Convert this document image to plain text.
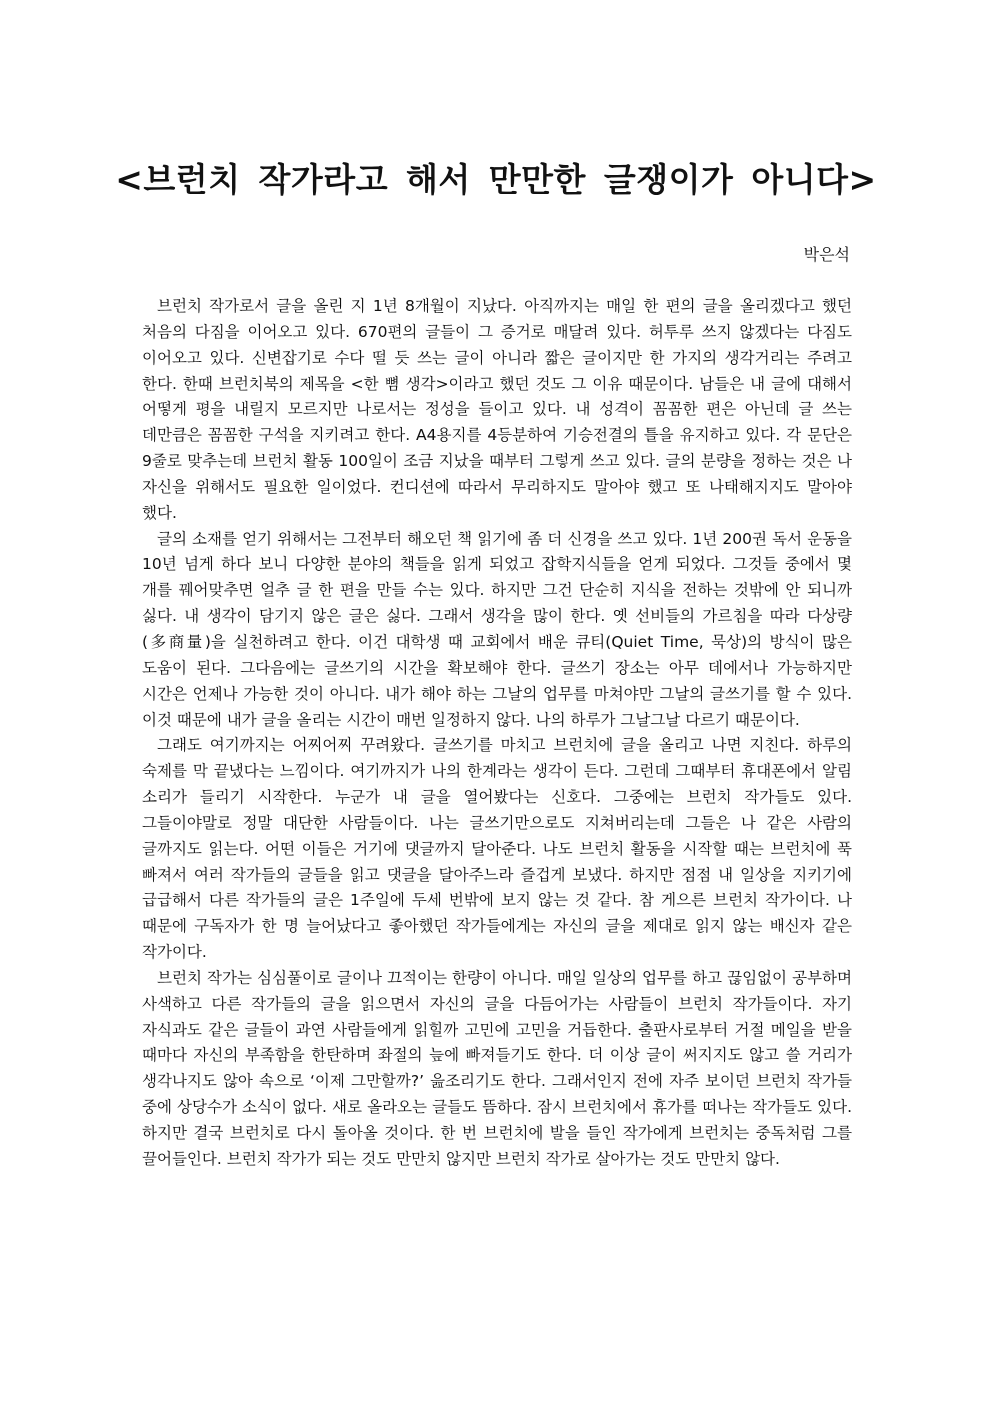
<브런치 작가라고 해서 만만한 글쟁이가 아니다>
박은석

브런치 작가로서 글을 올린 지 1년 8개월이 지났다. 아직까지는 매일 한 편의 글을 올리겠다고 했던 처음의 다짐을 이어오고 있다. 670편의 글들이 그 증거로 매달려 있다. 허투루 쓰지 않겠다는 다짐도 이어오고 있다. 신변잡기로 수다 떨 듯 쓰는 글이 아니라 짧은 글이지만 한 가지의 생각거리는 주려고 한다. 한때 브런치북의 제목을 <한 뼘 생각>이라고 했던 것도 그 이유 때문이다. 남들은 내 글에 대해서 어떻게 평을 내릴지 모르지만 나로서는 정성을 들이고 있다. 내 성격이 꼼꼼한 편은 아닌데 글 쓰는 데만큼은 꼼꼼한 구석을 지키려고 한다. A4용지를 4등분하여 기승전결의 틀을 유지하고 있다. 각 문단은 9줄로 맞추는데 브런치 활동 100일이 조금 지났을 때부터 그렇게 쓰고 있다. 글의 분량을 정하는 것은 나 자신을 위해서도 필요한 일이었다. 컨디션에 따라서 무리하지도 말아야 했고 또 나태해지지도 말아야 했다.

글의 소재를 얻기 위해서는 그전부터 해오던 책 읽기에 좀 더 신경을 쓰고 있다. 1년 200권 독서 운동을 10년 넘게 하다 보니 다양한 분야의 책들을 읽게 되었고 잡학지식들을 얻게 되었다. 그것들 중에서 몇 개를 꿰어맞추면 얼추 글 한 편을 만들 수는 있다. 하지만 그건 단순히 지식을 전하는 것밖에 안 되니까 싫다. 내 생각이 담기지 않은 글은 싫다. 그래서 생각을 많이 한다. 옛 선비들의 가르침을 따라 다상량(多商量)을 실천하려고 한다. 이건 대학생 때 교회에서 배운 큐티(Quiet Time, 묵상)의 방식이 많은 도움이 된다. 그다음에는 글쓰기의 시간을 확보해야 한다. 글쓰기 장소는 아무 데에서나 가능하지만 시간은 언제나 가능한 것이 아니다. 내가 해야 하는 그날의 업무를 마쳐야만 그날의 글쓰기를 할 수 있다. 이것 때문에 내가 글을 올리는 시간이 매번 일정하지 않다. 나의 하루가 그날그날 다르기 때문이다.

그래도 여기까지는 어찌어찌 꾸려왔다. 글쓰기를 마치고 브런치에 글을 올리고 나면 지친다. 하루의 숙제를 막 끝냈다는 느낌이다. 여기까지가 나의 한계라는 생각이 든다. 그런데 그때부터 휴대폰에서 알림 소리가 들리기 시작한다. 누군가 내 글을 열어봤다는 신호다. 그중에는 브런치 작가들도 있다. 그들이야말로 정말 대단한 사람들이다. 나는 글쓰기만으로도 지쳐버리는데 그들은 나 같은 사람의 글까지도 읽는다. 어떤 이들은 거기에 댓글까지 달아준다. 나도 브런치 활동을 시작할 때는 브런치에 푹 빠져서 여러 작가들의 글들을 읽고 댓글을 달아주느라 즐겁게 보냈다. 하지만 점점 내 일상을 지키기에 급급해서 다른 작가들의 글은 1주일에 두세 번밖에 보지 않는 것 같다. 참 게으른 브런치 작가이다. 나 때문에 구독자가 한 명 늘어났다고 좋아했던 작가들에게는 자신의 글을 제대로 읽지 않는 배신자 같은 작가이다.

브런치 작가는 심심풀이로 글이나 끄적이는 한량이 아니다. 매일 일상의 업무를 하고 끊임없이 공부하며 사색하고 다른 작가들의 글을 읽으면서 자신의 글을 다듬어가는 사람들이 브런치 작가들이다. 자기 자식과도 같은 글들이 과연 사람들에게 읽힐까 고민에 고민을 거듭한다. 출판사로부터 거절 메일을 받을 때마다 자신의 부족함을 한탄하며 좌절의 늪에 빠져들기도 한다. 더 이상 글이 써지지도 않고 쓸 거리가 생각나지도 않아 속으로 ‘이제 그만할까?’ 읊조리기도 한다. 그래서인지 전에 자주 보이던 브런치 작가들 중에 상당수가 소식이 없다. 새로 올라오는 글들도 뜸하다. 잠시 브런치에서 휴가를 떠나는 작가들도 있다. 하지만 결국 브런치로 다시 돌아올 것이다. 한 번 브런치에 발을 들인 작가에게 브런치는 중독처럼 그를 끌어들인다. 브런치 작가가 되는 것도 만만치 않지만 브런치 작가로 살아가는 것도 만만치 않다.
